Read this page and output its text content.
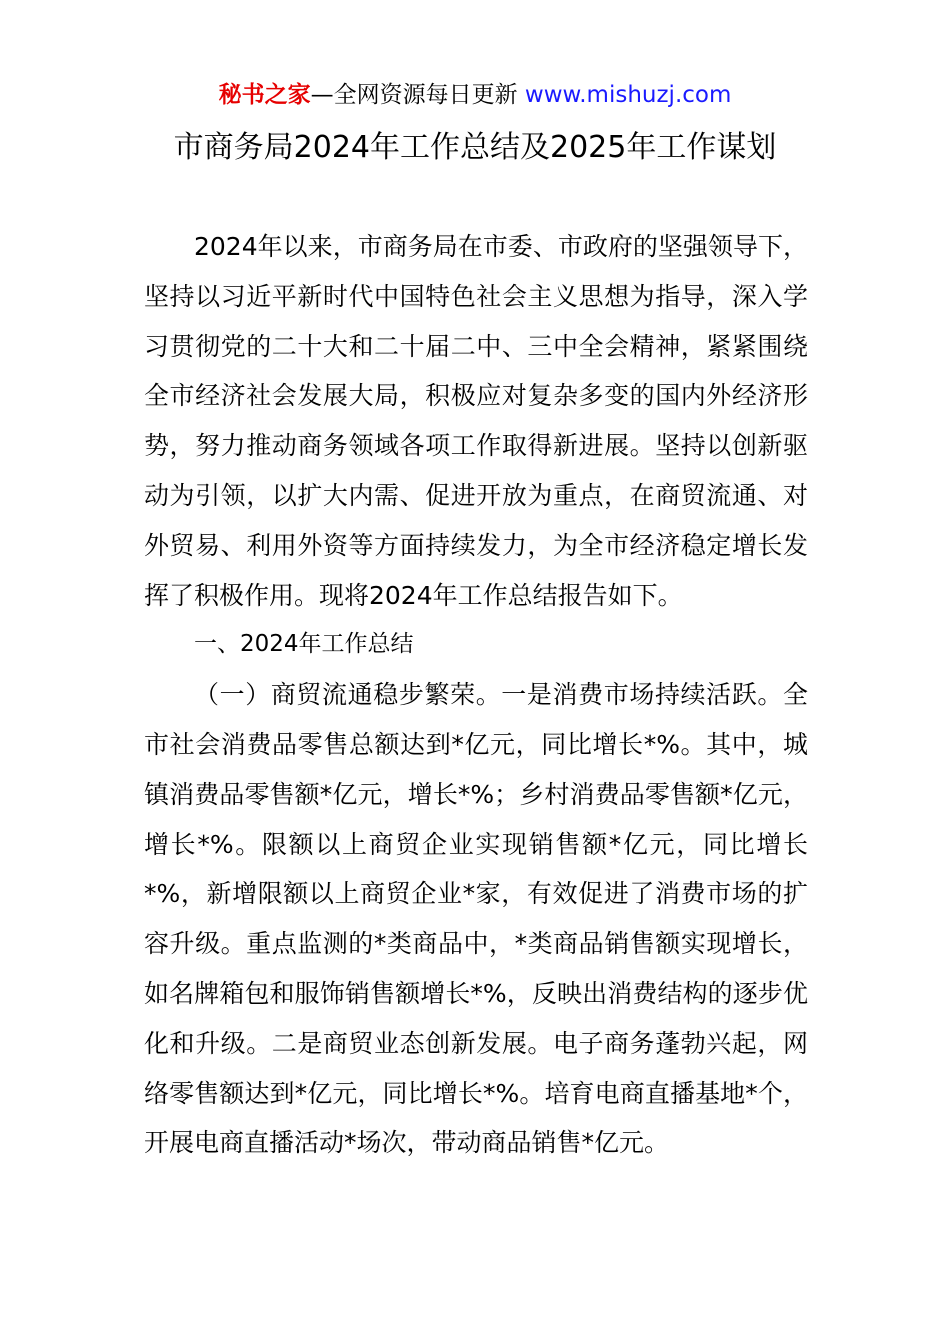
秘书之家—全网资源每日更新 www.mishuzj.com
市商务局2024年工作总结及2025年工作谋划

2024年以来，市商务局在市委、市政府的坚强领导下，坚持以习近平新时代中国特色社会主义思想为指导，深入学习贯彻党的二十大和二十届二中、三中全会精神，紧紧围绕全市经济社会发展大局，积极应对复杂多变的国内外经济形势，努力推动商务领域各项工作取得新进展。坚持以创新驱动为引领，以扩大内需、促进开放为重点，在商贸流通、对外贸易、利用外资等方面持续发力，为全市经济稳定增长发挥了积极作用。现将2024年工作总结报告如下。

一、2024年工作总结

（一）商贸流通稳步繁荣。一是消费市场持续活跃。全市社会消费品零售总额达到*亿元，同比增长*%。其中，城镇消费品零售额*亿元，增长*%；乡村消费品零售额*亿元，增长*%。限额以上商贸企业实现销售额*亿元，同比增长*%，新增限额以上商贸企业*家，有效促进了消费市场的扩容升级。重点监测的*类商品中，*类商品销售额实现增长，如名牌箱包和服饰销售额增长*%，反映出消费结构的逐步优化和升级。二是商贸业态创新发展。电子商务蓬勃兴起，网络零售额达到*亿元，同比增长*%。培育电商直播基地*个，开展电商直播活动*场次，带动商品销售*亿元。
